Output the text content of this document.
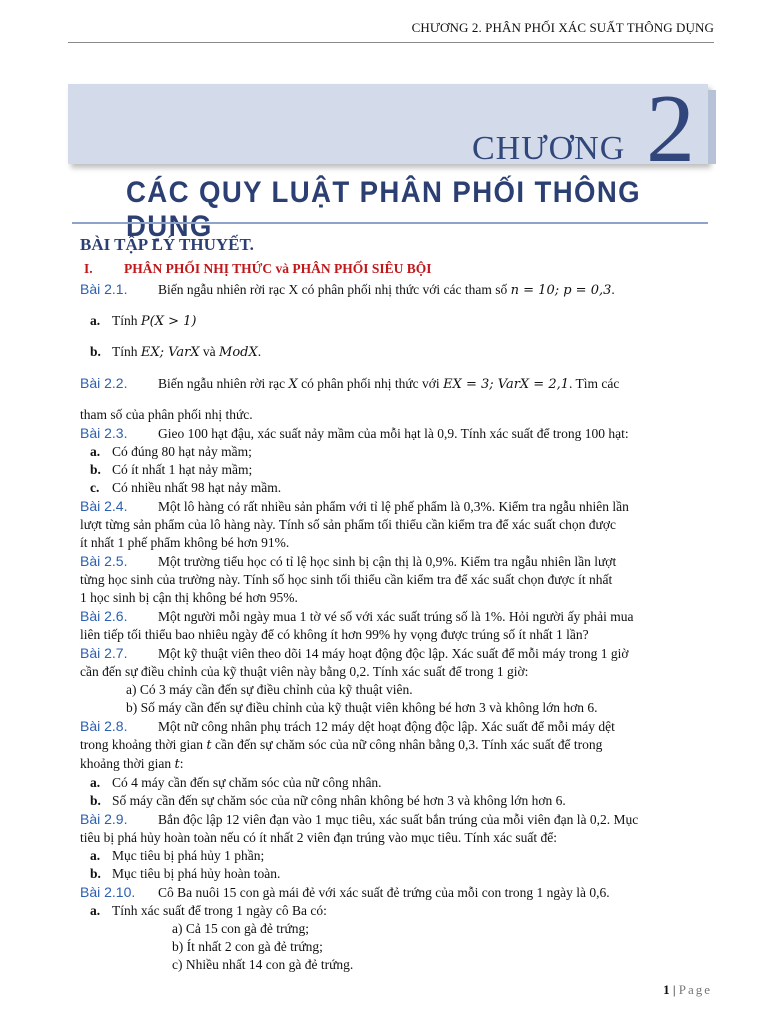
CHƯƠNG 2. PHÂN PHỐI XÁC SUẤT THÔNG DỤNG
CHƯƠNG 2
CÁC QUY LUẬT PHÂN PHỐI THÔNG DỤNG
BÀI TẬP LÝ THUYẾT.
I. PHÂN PHỐI NHỊ THỨC và PHÂN PHỐI SIÊU BỘI

Bài 2.1. Biến ngẫu nhiên rời rạc X có phân phối nhị thức với các tham số n = 10; p = 0,3.

a. Tính P(X > 1)

b. Tính EX; VarX và ModX.

Bài 2.2. Biến ngẫu nhiên rời rạc X có phân phối nhị thức với EX = 3; VarX = 2,1. Tìm các

tham số của phân phối nhị thức.

Bài 2.3. Gieo 100 hạt đậu, xác suất nảy mầm của mỗi hạt là 0,9. Tính xác suất để trong 100 hạt:

a. Có đúng 80 hạt nảy mầm;

b. Có ít nhất 1 hạt nảy mầm;

c. Có nhiều nhất 98 hạt nảy mầm.

Bài 2.4. Một lô hàng có rất nhiều sản phẩm với tỉ lệ phế phẩm là 0,3%. Kiểm tra ngẫu nhiên lần

lượt từng sản phẩm của lô hàng này. Tính số sản phẩm tối thiểu cần kiểm tra để xác suất chọn được

ít nhất 1 phế phẩm không bé hơn 91%.

Bài 2.5. Một trường tiểu học có tỉ lệ học sinh bị cận thị là 0,9%. Kiểm tra ngẫu nhiên lần lượt

từng học sinh của trường này. Tính số học sinh tối thiểu cần kiểm tra để xác suất chọn được ít nhất

1 học sinh bị cận thị không bé hơn 95%.

Bài 2.6. Một người mỗi ngày mua 1 tờ vé số với xác suất trúng số là 1%. Hỏi người ấy phải mua

liên tiếp tối thiểu bao nhiêu ngày để có không ít hơn 99% hy vọng được trúng số ít nhất 1 lần?

Bài 2.7. Một kỹ thuật viên theo dõi 14 máy hoạt động độc lập. Xác suất để mỗi máy trong 1 giờ

cần đến sự điều chỉnh của kỹ thuật viên này bằng 0,2. Tính xác suất để trong 1 giờ:

a) Có 3 máy cần đến sự điều chỉnh của kỹ thuật viên.

b) Số máy cần đến sự điều chỉnh của kỹ thuật viên không bé hơn 3 và không lớn hơn 6.

Bài 2.8. Một nữ công nhân phụ trách 12 máy dệt hoạt động độc lập. Xác suất để mỗi máy dệt

trong khoảng thời gian t cần đến sự chăm sóc của nữ công nhân bằng 0,3. Tính xác suất để trong

khoảng thời gian t:

a. Có 4 máy cần đến sự chăm sóc của nữ công nhân.

b. Số máy cần đến sự chăm sóc của nữ công nhân không bé hơn 3 và không lớn hơn 6.

Bài 2.9. Bắn độc lập 12 viên đạn vào 1 mục tiêu, xác suất bắn trúng của mỗi viên đạn là 0,2. Mục

tiêu bị phá hủy hoàn toàn nếu có ít nhất 2 viên đạn trúng vào mục tiêu. Tính xác suất để:

a. Mục tiêu bị phá hủy 1 phần;

b. Mục tiêu bị phá hủy hoàn toàn.

Bài 2.10. Cô Ba nuôi 15 con gà mái đẻ với xác suất đẻ trứng của mỗi con trong 1 ngày là 0,6.

a. Tính xác suất để trong 1 ngày cô Ba có:

a) Cả 15 con gà đẻ trứng;

b) Ít nhất 2 con gà đẻ trứng;

c) Nhiều nhất 14 con gà đẻ trứng.

1 | Page
